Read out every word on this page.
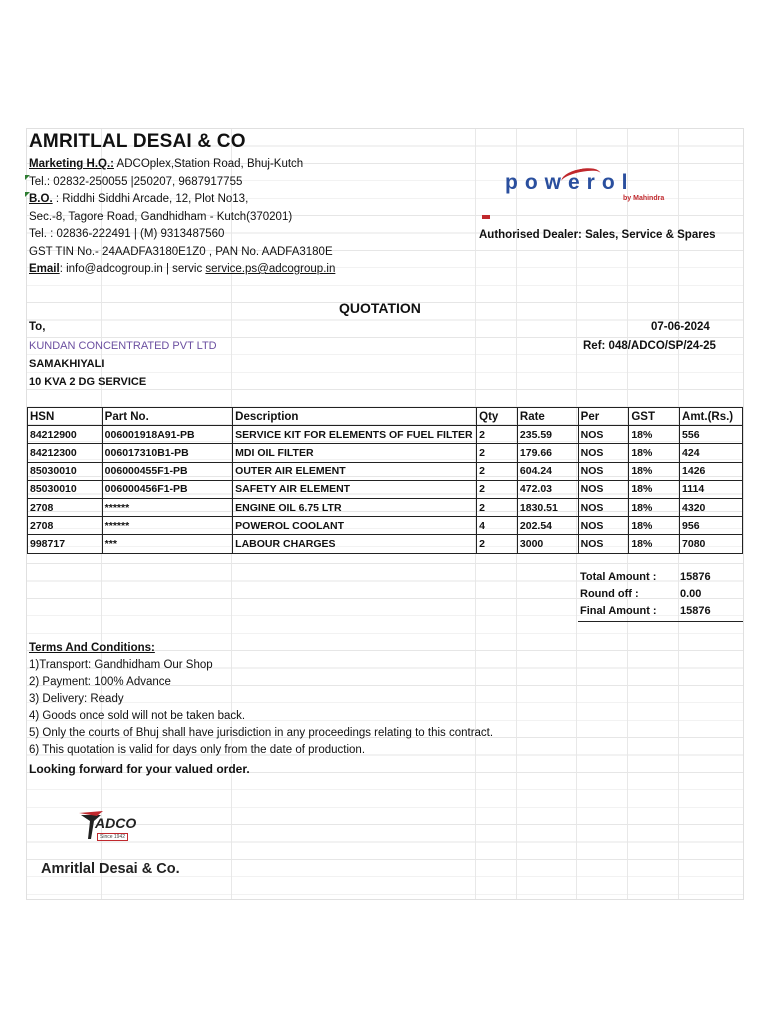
AMRITLAL DESAI & CO
Marketing H.Q.: ADCOplex,Station Road, Bhuj-Kutch
Tel.: 02832-250055 |250207, 9687917755
B.O. : Riddhi Siddhi Arcade, 12, Plot No13,
Sec.-8, Tagore Road, Gandhidham - Kutch(370201)
Tel. : 02836-222491 | (M) 9313487560
GST TIN No.- 24AADFA3180E1Z0 , PAN No. AADFA3180E
Email: info@adcogroup.in | servic service.ps@adcogroup.in
powerol
by Mahindra
Authorised Dealer: Sales, Service & Spares
QUOTATION
To,	07-06-2024
KUNDAN CONCENTRATED PVT LTD	Ref: 048/ADCO/SP/24-25
SAMAKHIYALI
10 KVA 2 DG SERVICE
HSN	Part No.	Description	Qty	Rate	Per	GST	Amt.(Rs.)
84212900	006001918A91-PB	SERVICE KIT FOR ELEMENTS OF FUEL FILTER	2	235.59	NOS	18%	556
84212300	006017310B1-PB	MDI OIL FILTER	2	179.66	NOS	18%	424
85030010	006000455F1-PB	OUTER AIR ELEMENT	2	604.24	NOS	18%	1426
85030010	006000456F1-PB	SAFETY AIR ELEMENT	2	472.03	NOS	18%	1114
2708	******	ENGINE OIL 6.75 LTR	2	1830.51	NOS	18%	4320
2708	******	POWEROL COOLANT	4	202.54	NOS	18%	956
998717	***	LABOUR CHARGES	2	3000	NOS	18%	7080
Total Amount : 15876
Round off :	0.00
Final Amount : 15876
Terms And Conditions:
1)Transport: Gandhidham Our Shop
2) Payment: 100% Advance
3) Delivery: Ready
4) Goods once sold will not be taken back.
5) Only the courts of Bhuj shall have jurisdiction in any proceedings relating to this contract.
6) This quotation is valid for days only from the date of production.
Looking forward for your valued order.
ADCO
Since 1942
Amritlal Desai & Co.
